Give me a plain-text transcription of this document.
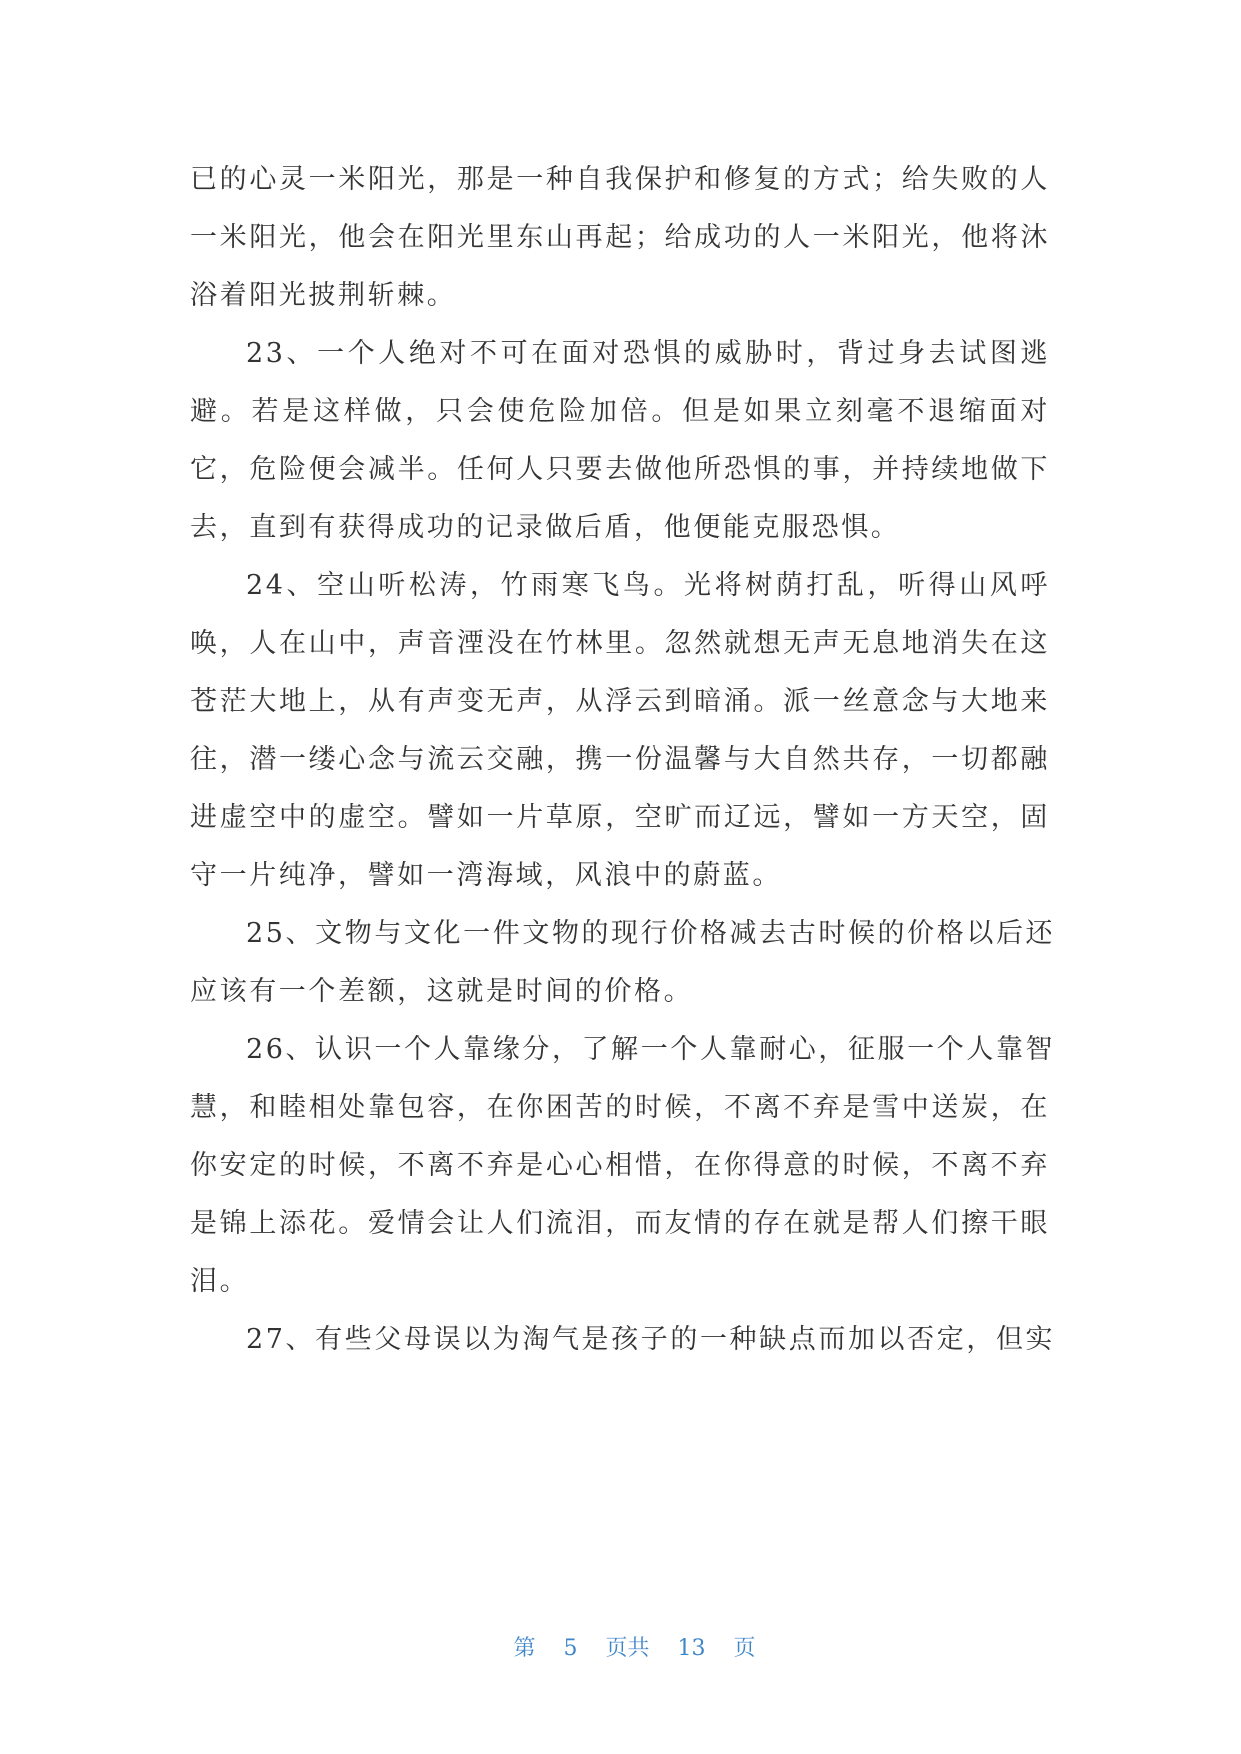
已的心灵一米阳光，那是一种自我保护和修复的方式；给失败的人
一米阳光，他会在阳光里东山再起；给成功的人一米阳光，他将沐
浴着阳光披荆斩棘。
23、一个人绝对不可在面对恐惧的威胁时，背过身去试图逃
避。若是这样做，只会使危险加倍。但是如果立刻毫不退缩面对
它，危险便会减半。任何人只要去做他所恐惧的事，并持续地做下
去，直到有获得成功的记录做后盾，他便能克服恐惧。
24、空山听松涛，竹雨寒飞鸟。光将树荫打乱，听得山风呼
唤，人在山中，声音湮没在竹林里。忽然就想无声无息地消失在这
苍茫大地上，从有声变无声，从浮云到暗涌。派一丝意念与大地来
往，潜一缕心念与流云交融，携一份温馨与大自然共存，一切都融
进虚空中的虚空。譬如一片草原，空旷而辽远，譬如一方天空，固
守一片纯净，譬如一湾海域，风浪中的蔚蓝。
25、文物与文化一件文物的现行价格减去古时候的价格以后还
应该有一个差额，这就是时间的价格。
26、认识一个人靠缘分，了解一个人靠耐心，征服一个人靠智
慧，和睦相处靠包容，在你困苦的时候，不离不弃是雪中送炭，在
你安定的时候，不离不弃是心心相惜，在你得意的时候，不离不弃
是锦上添花。爱情会让人们流泪，而友情的存在就是帮人们擦干眼
泪。
27、有些父母误以为淘气是孩子的一种缺点而加以否定，但实

第 5 页共 13 页
